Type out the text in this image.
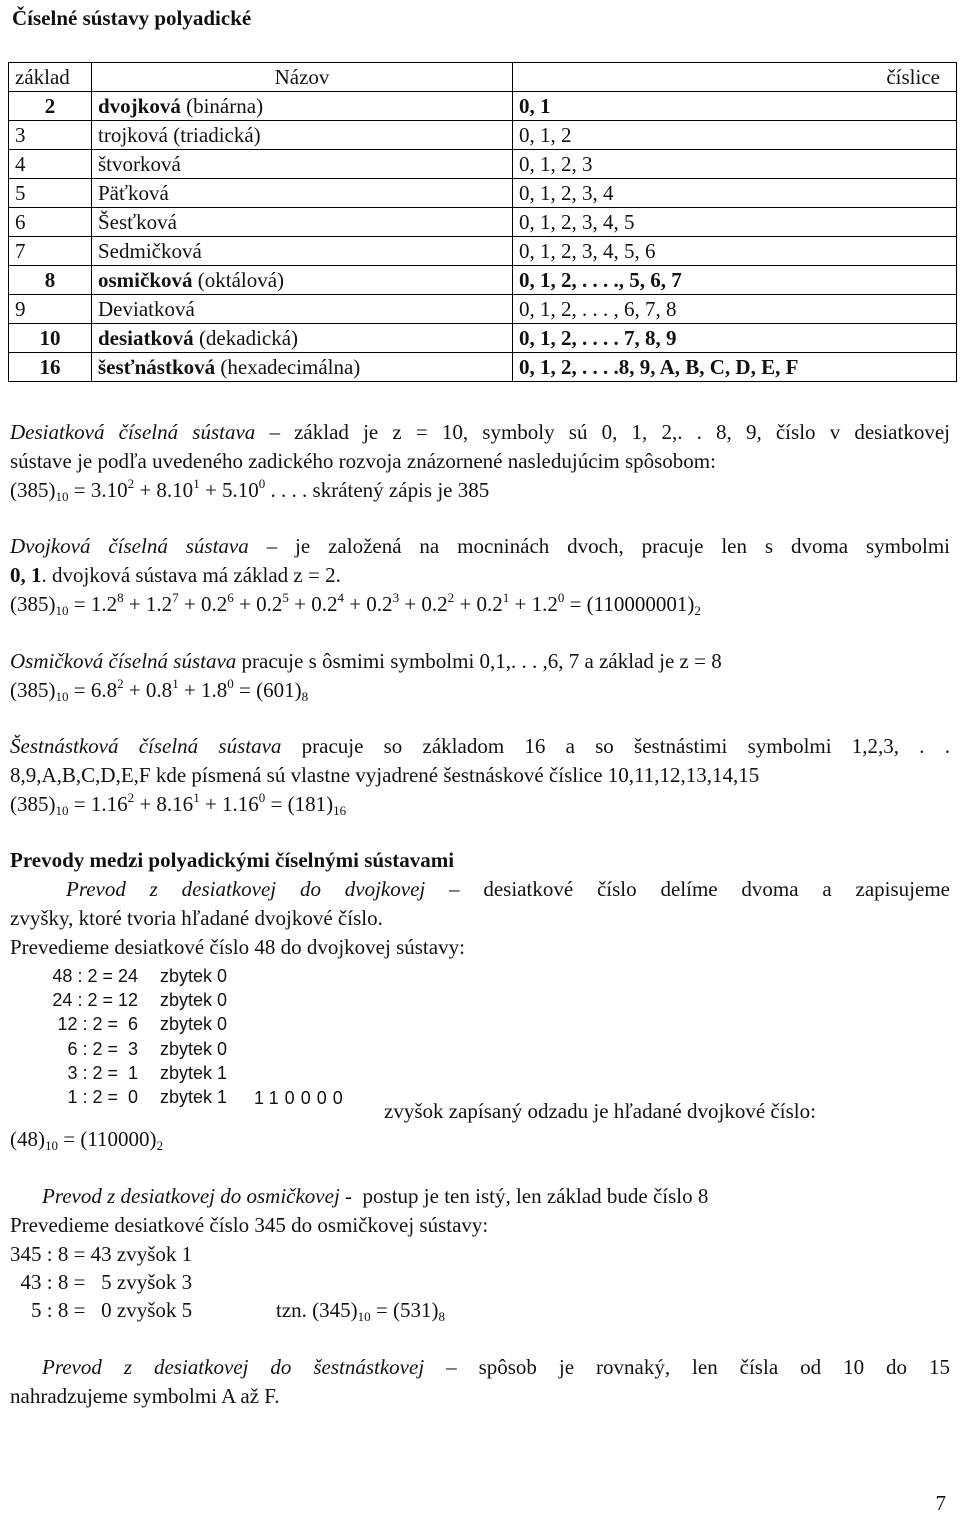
Číselné sústavy polyadické
základ	Názov	číslice
2	dvojková (binárna)	0, 1
3	trojková (triadická)	0, 1, 2
4	štvorková	0, 1, 2, 3
5	Päťková	0, 1, 2, 3, 4
6	Šesťková	0, 1, 2, 3, 4, 5
7	Sedmičková	0, 1, 2, 3, 4, 5, 6
8	osmičková (oktálová)	0, 1, 2, . . . ., 5, 6, 7
9	Deviatková	0, 1, 2, . . . , 6, 7, 8
10	desiatková (dekadická)	0, 1, 2, . . . . 7, 8, 9
16	šesťnástková (hexadecimálna)	0, 1, 2, . . . .8, 9, A, B, C, D, E, F
Desiatková číselná sústava – základ je z = 10, symboly sú 0, 1, 2,. . 8, 9, číslo v desiatkovej
sústave je podľa uvedeného zadického rozvoja znázornené nasledujúcim spôsobom:
$(385)_{10} = 3.10^2 + 8.10^1 + 5.10^0$ . . . . skrátený zápis je 385
Dvojková číselná sústava – je založená na mocninách dvoch, pracuje len s dvoma symbolmi
0, 1. dvojková sústava má základ z = 2.
$(385)_{10} = 1.2^8 + 1.2^7 + 0.2^6 + 0.2^5 + 0.2^4 + 0.2^3 + 0.2^2 + 0.2^1 + 1.2^0 = (110000001)_2$
Osmičková číselná sústava pracuje s ôsmimi symbolmi 0,1,. . . ,6, 7 a základ je z = 8
$(385)_{10} = 6.8^2 + 0.8^1 + 1.8^0 = (601)_8$
Šestnástková číselná sústava pracuje so základom 16 a so šestnástimi symbolmi 1,2,3, . .
8,9,A,B,C,D,E,F kde písmená sú vlastne vyjadrené šestnáskové číslice 10,11,12,13,14,15
$(385)_{10} = 1.16^2 + 8.16^1 + 1.16^0 = (181)_{16}$
Prevody medzi polyadickými číselnými sústavami
Prevod z desiatkovej do dvojkovej – desiatkové číslo delíme dvoma a zapisujeme
zvyšky, ktoré tvoria hľadané dvojkové číslo.
Prevedieme desiatkové číslo 48 do dvojkovej sústavy:
48 : 2 = 24 zbytek 0
24 : 2 = 12 zbytek 0
12 : 2 =  6 zbytek 0
6 : 2 =  3 zbytek 0
3 : 2 =  1 zbytek 1
1 : 2 =  0 zbytek 1 110000
zvyšok zapísaný odzadu je hľadané dvojkové číslo:
$(48)_{10} = (110000)_2$
Prevod z desiatkovej do osmičkovej -  postup je ten istý, len základ bude číslo 8
Prevedieme desiatkové číslo 345 do osmičkovej sústavy:
345 : 8 = 43 zvyšok 1
43 : 8 =   5 zvyšok 3
5 : 8 =   0 zvyšok 5	tzn. $(345)_{10} = (531)_8$
Prevod z desiatkovej do šestnástkovej – spôsob je rovnaký, len čísla od 10 do 15
nahradzujeme symbolmi A až F.
7
